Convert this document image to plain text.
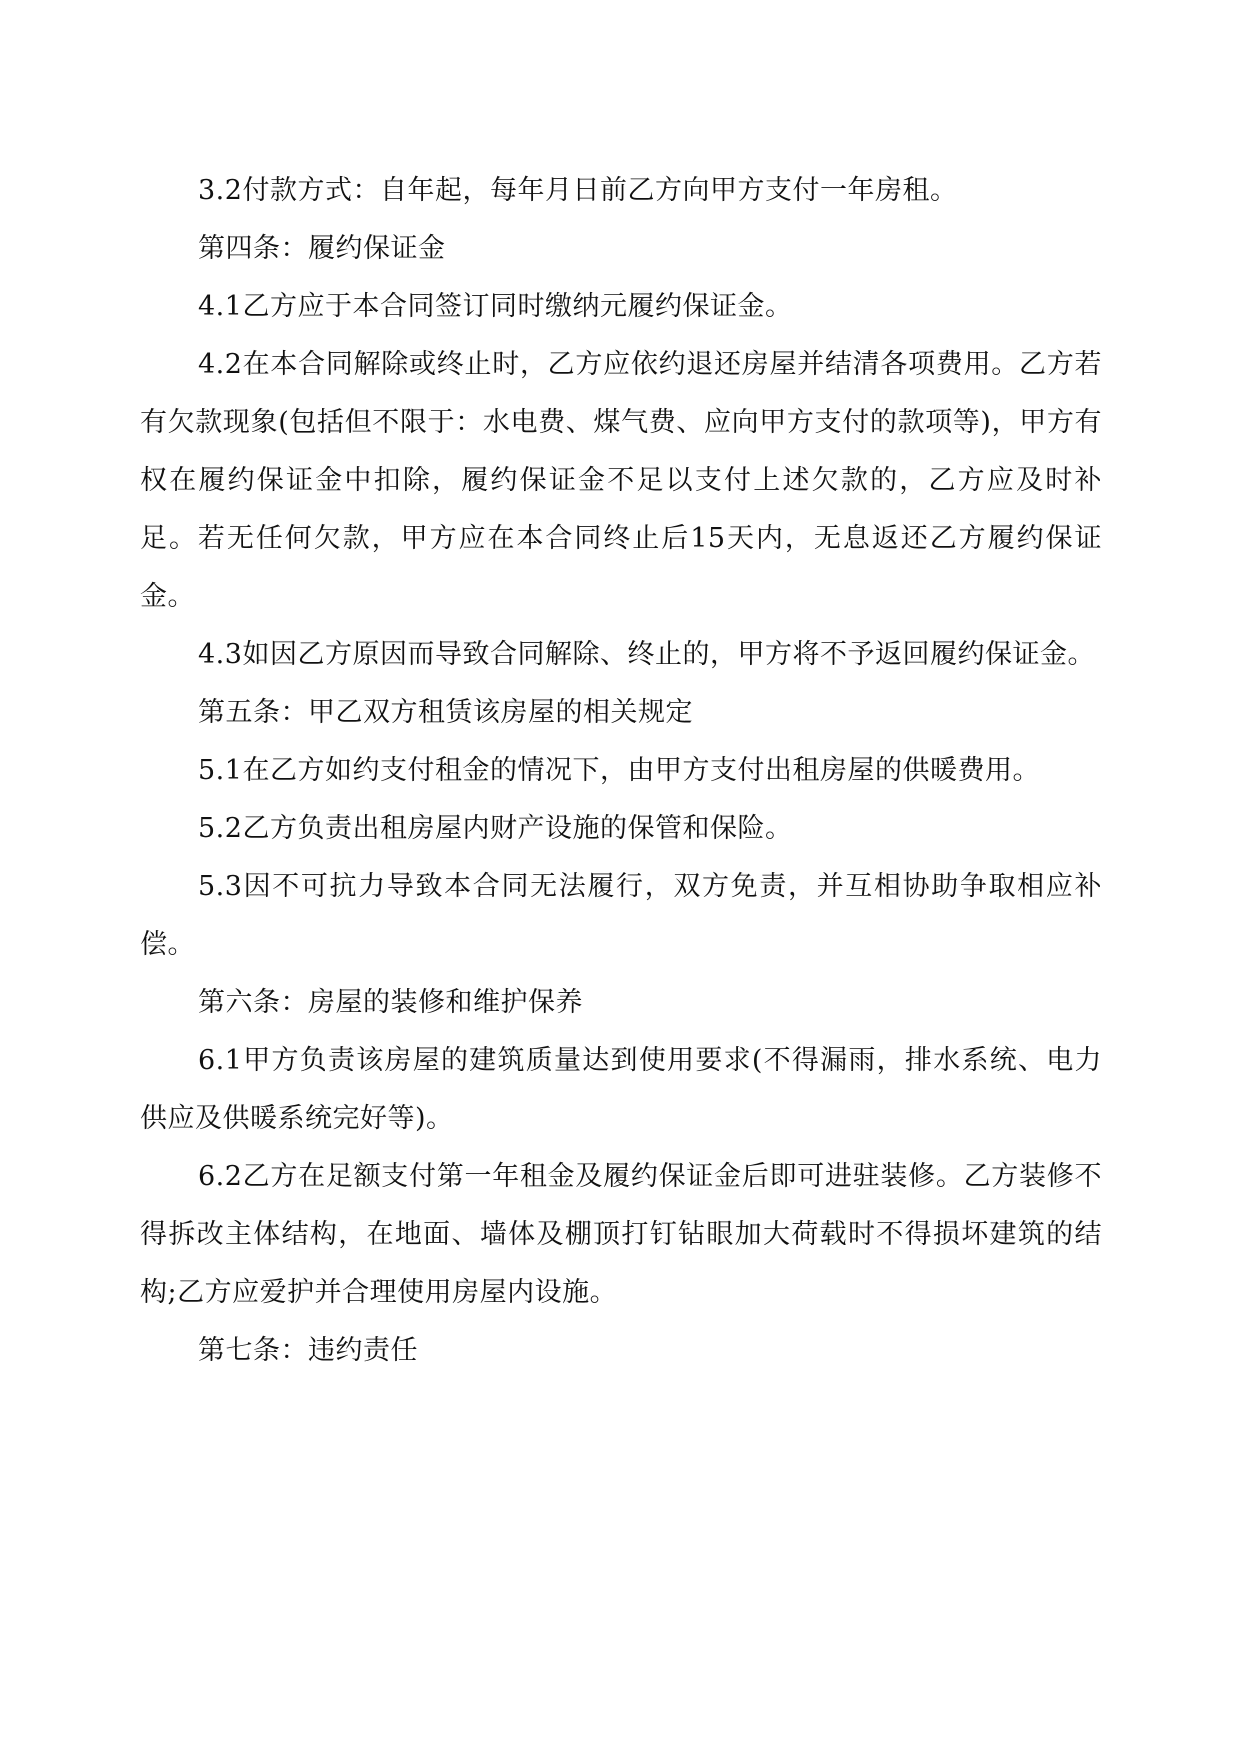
3.2付款方式：自年起，每年月日前乙方向甲方支付一年房租。

第四条：履约保证金

4.1乙方应于本合同签订同时缴纳元履约保证金。

4.2在本合同解除或终止时，乙方应依约退还房屋并结清各项费用。乙方若有欠款现象(包括但不限于：水电费、煤气费、应向甲方支付的款项等)，甲方有权在履约保证金中扣除，履约保证金不足以支付上述欠款的，乙方应及时补足。若无任何欠款，甲方应在本合同终止后15天内，无息返还乙方履约保证金。

4.3如因乙方原因而导致合同解除、终止的，甲方将不予返回履约保证金。

第五条：甲乙双方租赁该房屋的相关规定

5.1在乙方如约支付租金的情况下，由甲方支付出租房屋的供暖费用。

5.2乙方负责出租房屋内财产设施的保管和保险。

5.3因不可抗力导致本合同无法履行，双方免责，并互相协助争取相应补偿。

第六条：房屋的装修和维护保养

6.1甲方负责该房屋的建筑质量达到使用要求(不得漏雨，排水系统、电力供应及供暖系统完好等)。

6.2乙方在足额支付第一年租金及履约保证金后即可进驻装修。乙方装修不得拆改主体结构，在地面、墙体及棚顶打钉钻眼加大荷载时不得损坏建筑的结构;乙方应爱护并合理使用房屋内设施。

第七条：违约责任
